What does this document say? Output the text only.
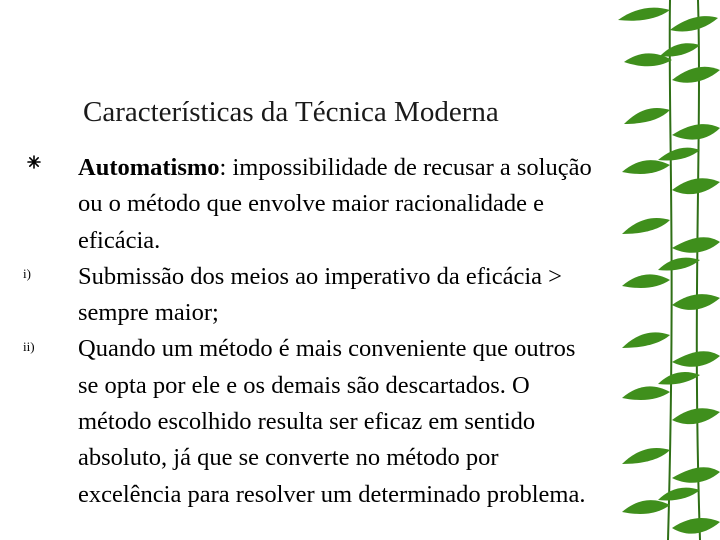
Características da Técnica Moderna
i)
ii)

Automatismo: impossibilidade de recusar a solução ou o método que envolve maior racionalidade e eficácia.

Submissão dos meios ao imperativo da eficácia > sempre maior;

Quando um método é mais conveniente que outros se opta por ele e os demais são descartados. O método escolhido resulta ser eficaz em sentido absoluto, já que se converte no método por excelência para resolver um determinado problema.
